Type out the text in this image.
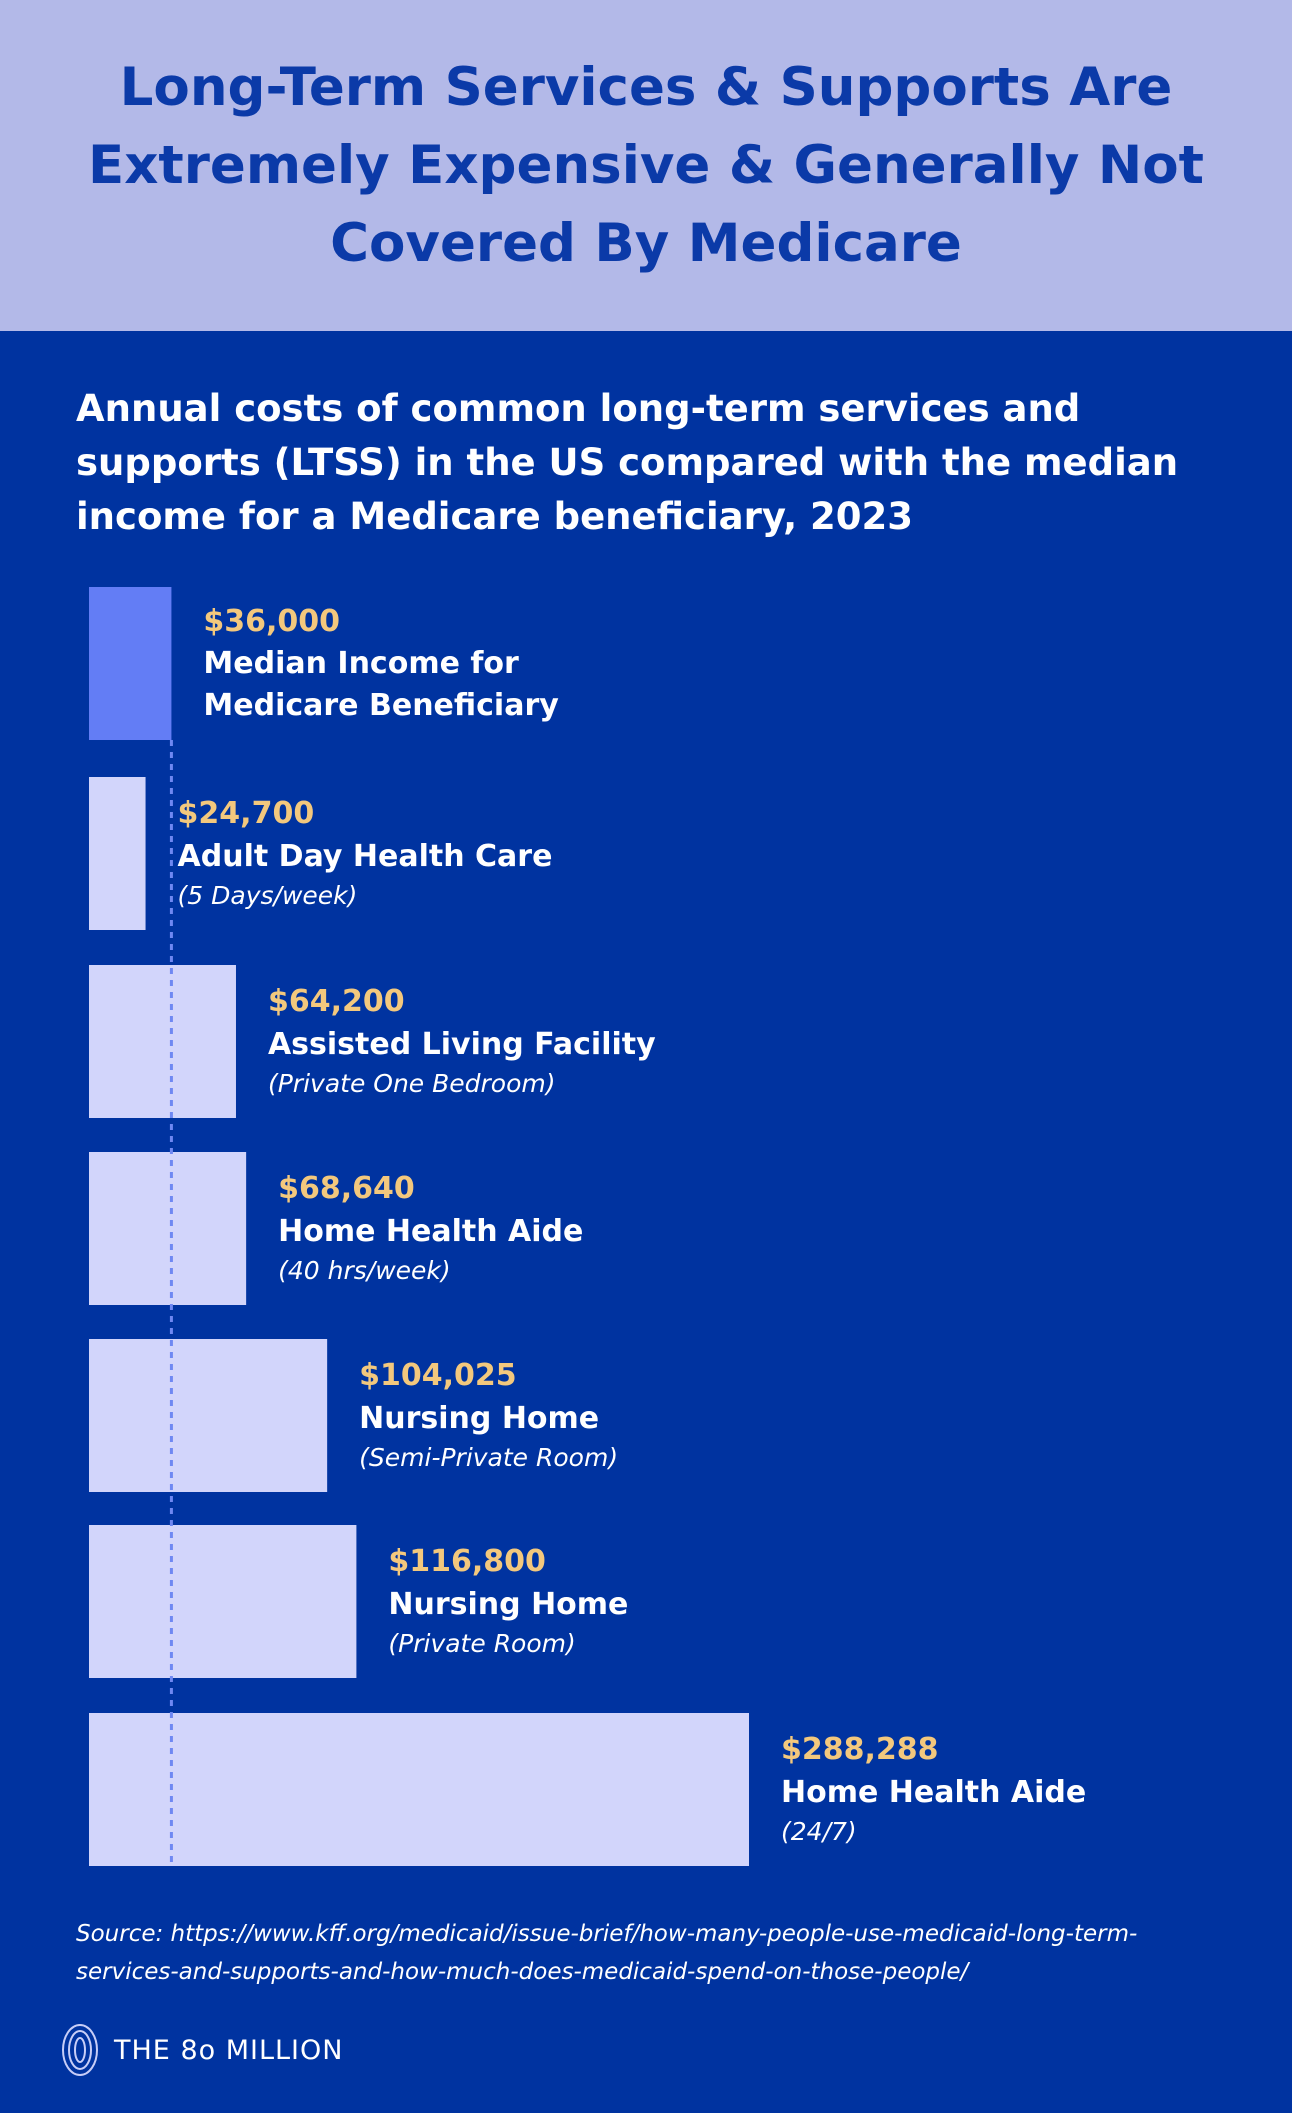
Long-Term Services & Supports Are Extremely Expensive & Generally Not Covered By Medicare

Annual costs of common long-term services and supports (LTSS) in the US compared with the median income for a Medicare beneficiary, 2023

$36,000
Median Income for
Medicare Beneficiary
$24,700
Adult Day Health Care
(5 Days/week)
$64,200
Assisted Living Facility
(Private One Bedroom)
$68,640
Home Health Aide
(40 hrs/week)
$104,025
Nursing Home
(Semi-Private Room)
$116,800
Nursing Home
(Private Room)
$288,288
Home Health Aide
(24/7)

Source: https://www.kff.org/medicaid/issue-brief/how-many-people-use-medicaid-long-term-services-and-supports-and-how-much-does-medicaid-spend-on-those-people/

THE 8o MILLION
